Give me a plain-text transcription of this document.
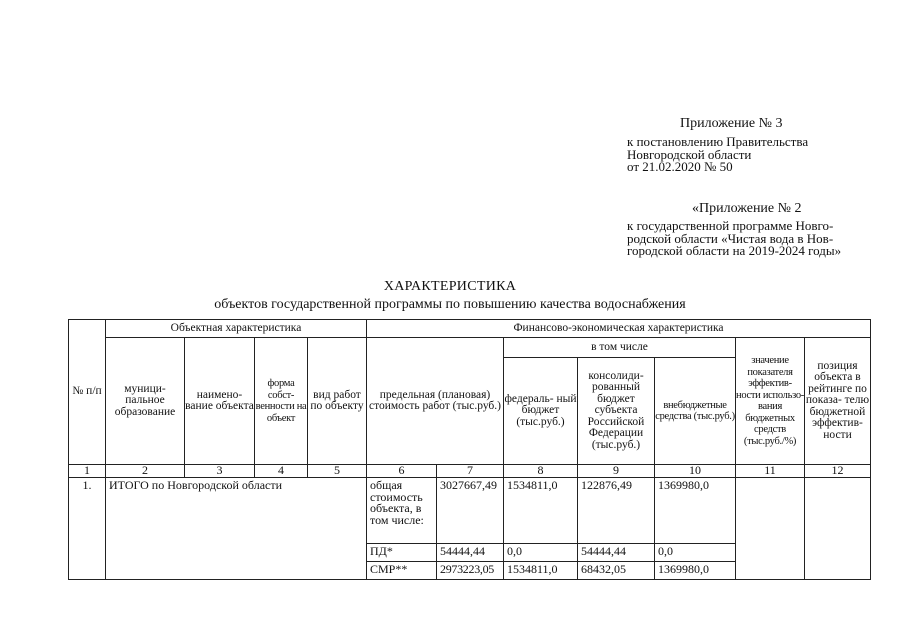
Приложение № 3

к постановлению Правительства

Новгородской области

от 21.02.2020 № 50

«Приложение № 2

к государственной программе Новго-

родской области «Чистая вода в Нов-

городской области на 2019-2024 годы»

ХАРАКТЕРИСТИКА
объектов государственной программы по повышению качества водоснабжения
№ п/п	Объектная характеристика				Финансово-экономическая характеристика						
	муници- пальное образование	наимено- вание объекта	форма собст- венности на объект	вид работ по объекту	предельная (плановая) стоимость работ (тыс.руб.)		в том числе			значение показателя эффектив- ности использо- вания бюджетных средств (тыс.руб./%)	позиция объекта в рейтинге по показа- телю бюджетной эффектив- ности
							федераль- ный бюджет (тыс.руб.)	консолиди- рованный бюджет субъекта Российской Федерации (тыс.руб.)	внебюджетные средства (тыс.руб.)		
1	2	3	4	5	6	7	8	9	10	11	12
1.	ИТОГО по Новгородской области				общая стоимость объекта, в том числе:	3027667,49	1534811,0	122876,49	1369980,0		
					ПД*	54444,44	0,0	54444,44	0,0		
					СМР**	2973223,05	1534811,0	68432,05	1369980,0		
